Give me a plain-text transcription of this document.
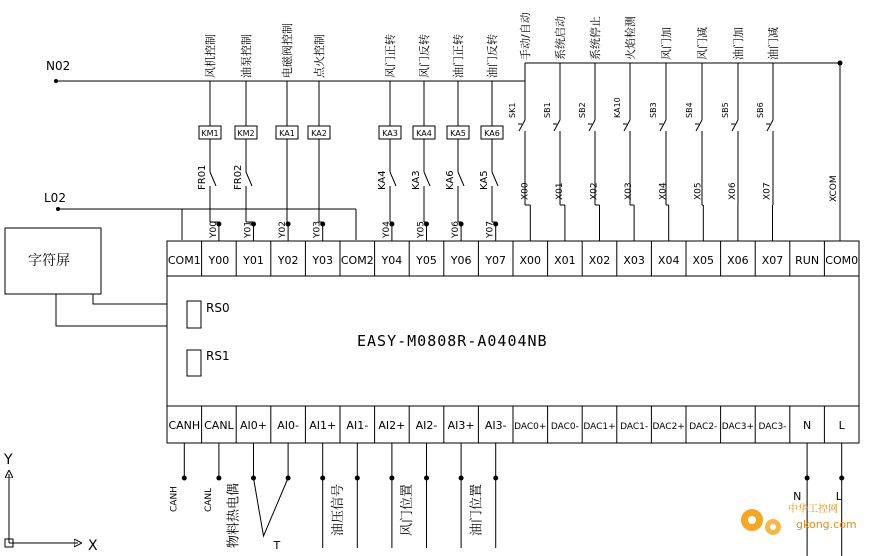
N02
L02
风机控制 油泵控制	电磁阀控制 点火控制	风门正转 风门反转 油门正转 油门反转
KM1 KM2	KA1 KA2	KA3 KA4 KA5 KA6
Y00	Y01	Y02	Y03	Y04	Y05	Y06	Y07
FR01	FR02	KA4 KA3 KA6 KA5
手动/自动
SK1
X00
系统启动
SB1
X01
系统停止
SB2
X02
火焰检测
KA10
X03
风门加
SB3
X04
风门减
SB4
X05
油门加
SB5
X06
油门减
SB6
X07	XCOM
字符屏	COM1 Y00 Y01 Y02 Y03 COM2 Y04 Y05 Y06 Y07 X00 X01 X02 X03 X04 X05 X06 X07 RUN COM0
CANH CANL AI0+ AI0- AI1+ AI1- AI2+ AI2- AI3+ AI3- DAC0+ DAC0- DAC1+ DAC1- DAC2+ DAC2- DAC3+ DAC3- N L
RS0
RS1
EASY-M0808R-A0404NB
CANH	CANL 物料热电偶	T
油压信号	风门位置	油门位置	N	L
Y
X
中华工控网
gkong.com
